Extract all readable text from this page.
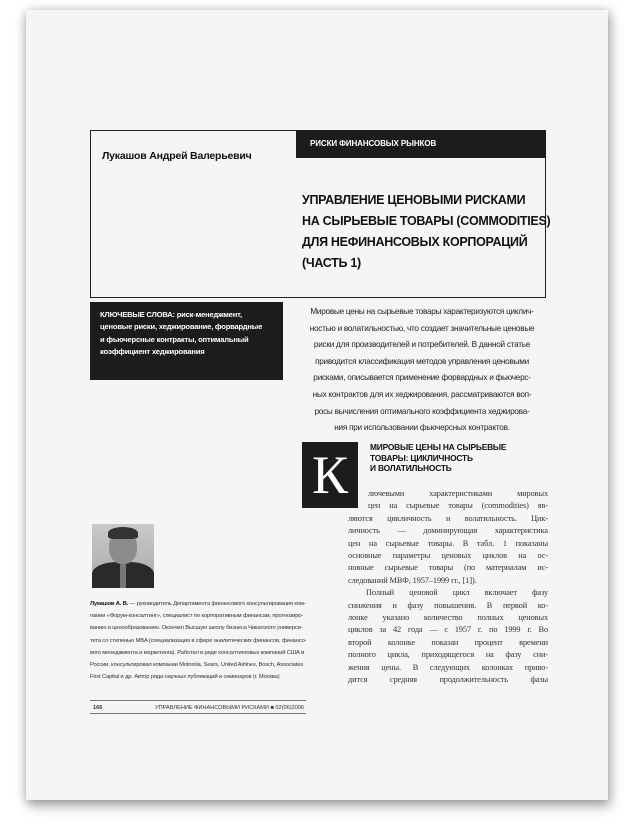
Лукашов Андрей Валерьевич
РИСКИ ФИНАНСОВЫХ РЫНКОВ
УПРАВЛЕНИЕ ЦЕНОВЫМИ РИСКАМИ
НА СЫРЬЕВЫЕ ТОВАРЫ (COMMODITIES)
ДЛЯ НЕФИНАНСОВЫХ КОРПОРАЦИЙ
(ЧАСТЬ 1)
КЛЮЧЕВЫЕ СЛОВА: риск-менеджмент,
ценовые риски, хеджирование, форвардные
и фьючерсные контракты, оптимальный
коэффициент хеджирования
Мировые цены на сырьевые товары характеризуются циклич-
ностью и волатильностью, что создает значительные ценовые
риски для производителей и потребителей. В данной статье
приводится классификация методов управления ценовыми
рисками, описывается применение форвардных и фьючерс-
ных контрактов для их хеджирования, рассматриваются воп-
росы вычисления оптимального коэффициента хеджирова-
ния при использовании фьючерсных контрактов.
К	МИРОВЫЕ ЦЕНЫ НА СЫРЬЕВЫЕ
ТОВАРЫ: ЦИКЛИЧНОСТЬ
И ВОЛАТИЛЬНОСТЬ
лючевыми характеристиками мировых
цен на сырьевые товары (commodities) яв-
ляются цикличность и волатильность. Цик-
личность — доминирующая характеристика
цен на сырьевые товары. В табл. 1 показаны
основные параметры ценовых циклов на ос-
новные сырьевые товары (по материалам ис-
следований МВФ, 1957–1999 гг., [1]).
Полный ценовой цикл включает фазу
снижения и фазу повышения. В первой ко-
лонке указано количество полных ценовых
циклов за 42 года — с 1957 г. по 1999 г. Во
второй колонке показан процент времени
полного цикла, приходящегося на фазу сни-
жения цены. В следующих колонках приво-
дится средняя продолжительность фазы
Лукашов А. В. — руководитель Департамента финансового консультирования ком-
пании «Форум-консалтинг», специалист по корпоративным финансам, прогнозиро-
ванию и ценообразованию. Окончил Высшую школу бизнеса Чикагского универси-
тета со степенью MBA (специализация в сфере аналитических финансов, финансо-
вого менеджмента и маркетинга). Работал в ряде консалтинговых компаний США и
России, консультировал компании Motorola, Sears, United Airlines, Bosch, Associates
First Capital и др. Автор ряда научных публикаций и семинаров (г. Москва)
166	УПРАВЛЕНИЕ ФИНАНСОВЫМИ РИСКАМИ ■ 02(06)2006
